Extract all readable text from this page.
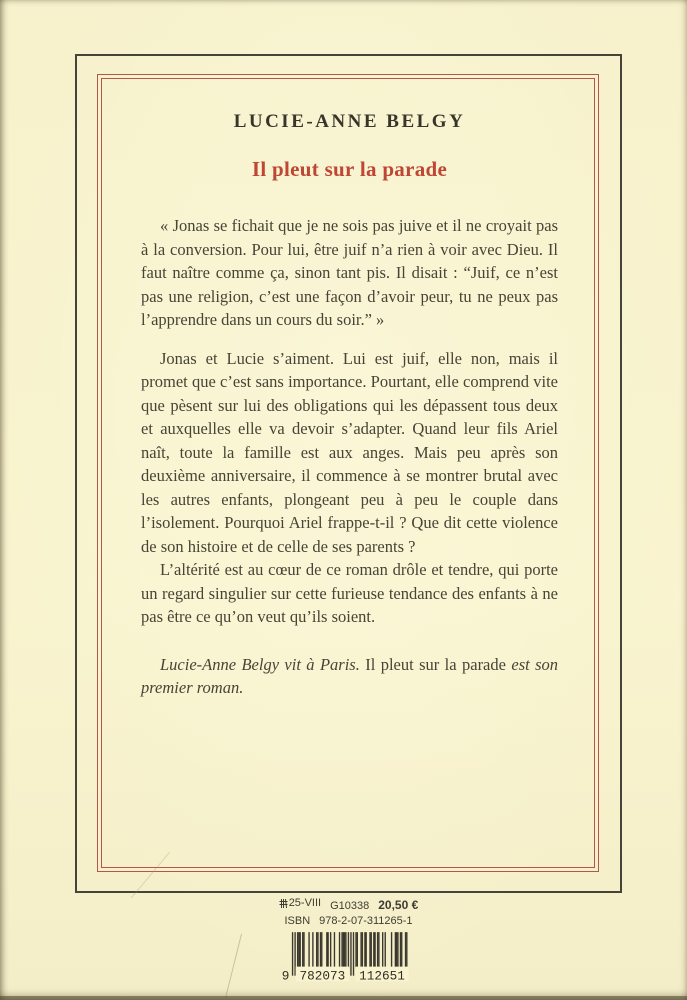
LUCIE-ANNE BELGY
Il pleut sur la parade

« Jonas se fichait que je ne sois pas juive et il ne croyait pas à la conversion. Pour lui, être juif n’a rien à voir avec Dieu. Il faut naître comme ça, sinon tant pis. Il disait : “Juif, ce n’est pas une religion, c’est une façon d’avoir peur, tu ne peux pas l’apprendre dans un cours du soir.” »

Jonas et Lucie s’aiment. Lui est juif, elle non, mais il promet que c’est sans importance. Pourtant, elle comprend vite que pèsent sur lui des obligations qui les dépassent tous deux et auxquelles elle va devoir s’adapter. Quand leur fils Ariel naît, toute la famille est aux anges. Mais peu après son deuxième anniversaire, il commence à se montrer brutal avec les autres enfants, plongeant peu à peu le couple dans l’isolement. Pourquoi Ariel frappe-t-il ? Que dit cette violence de son histoire et de celle de ses parents ?

L’altérité est au cœur de ce roman drôle et tendre, qui porte un regard singulier sur cette furieuse tendance des enfants à ne pas être ce qu’on veut qu’ils soient.

Lucie-Anne Belgy vit à Paris. Il pleut sur la parade est son premier roman.

25-VIII G10338 20,50 €
ISBN 978-2-07-311265-1
9 782073 112651
